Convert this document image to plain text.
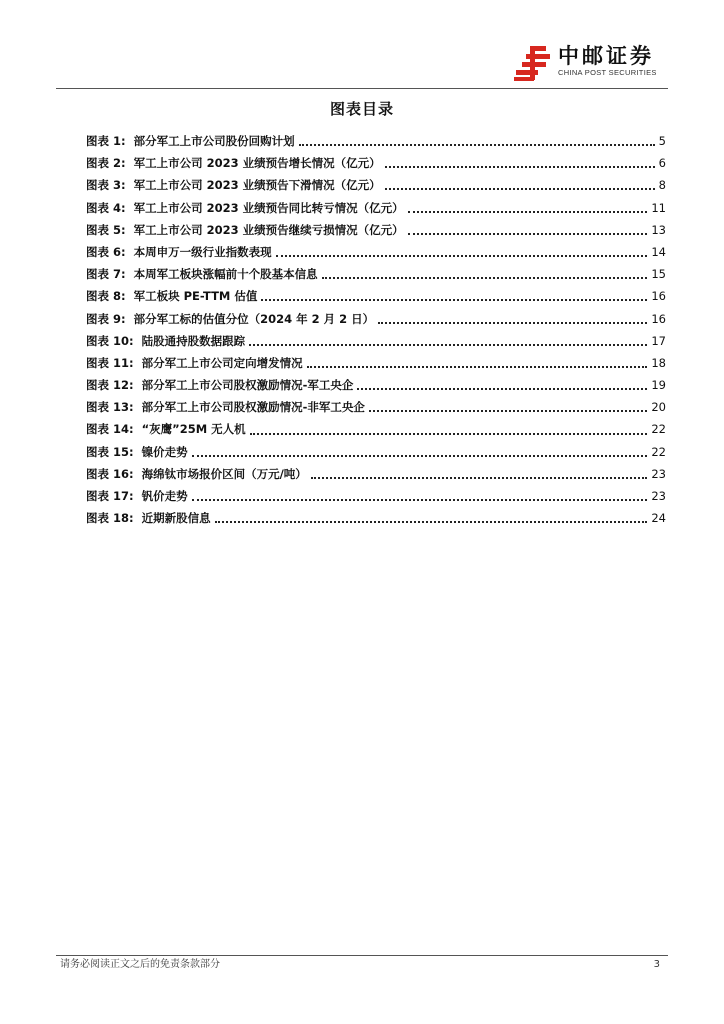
中邮证券
CHINA POST SECURITIES
图表目录
图表 1: 部分军工上市公司股份回购计划	5
图表 2: 军工上市公司 2023 业绩预告增长情况（亿元）	6
图表 3: 军工上市公司 2023 业绩预告下滑情况（亿元）	8
图表 4: 军工上市公司 2023 业绩预告同比转亏情况（亿元）	11
图表 5: 军工上市公司 2023 业绩预告继续亏损情况（亿元）	13
图表 6: 本周申万一级行业指数表现	14
图表 7: 本周军工板块涨幅前十个股基本信息	15
图表 8: 军工板块 PE-TTM 估值	16
图表 9: 部分军工标的估值分位（2024 年 2 月 2 日）	16
图表 10: 陆股通持股数据跟踪	17
图表 11: 部分军工上市公司定向增发情况	18
图表 12: 部分军工上市公司股权激励情况-军工央企	19
图表 13: 部分军工上市公司股权激励情况-非军工央企	20
图表 14: “灰鹰”25M 无人机	22
图表 15: 镍价走势	22
图表 16: 海绵钛市场报价区间（万元/吨）	23
图表 17: 钒价走势	23
图表 18: 近期新股信息	24
请务必阅读正文之后的免责条款部分	3
